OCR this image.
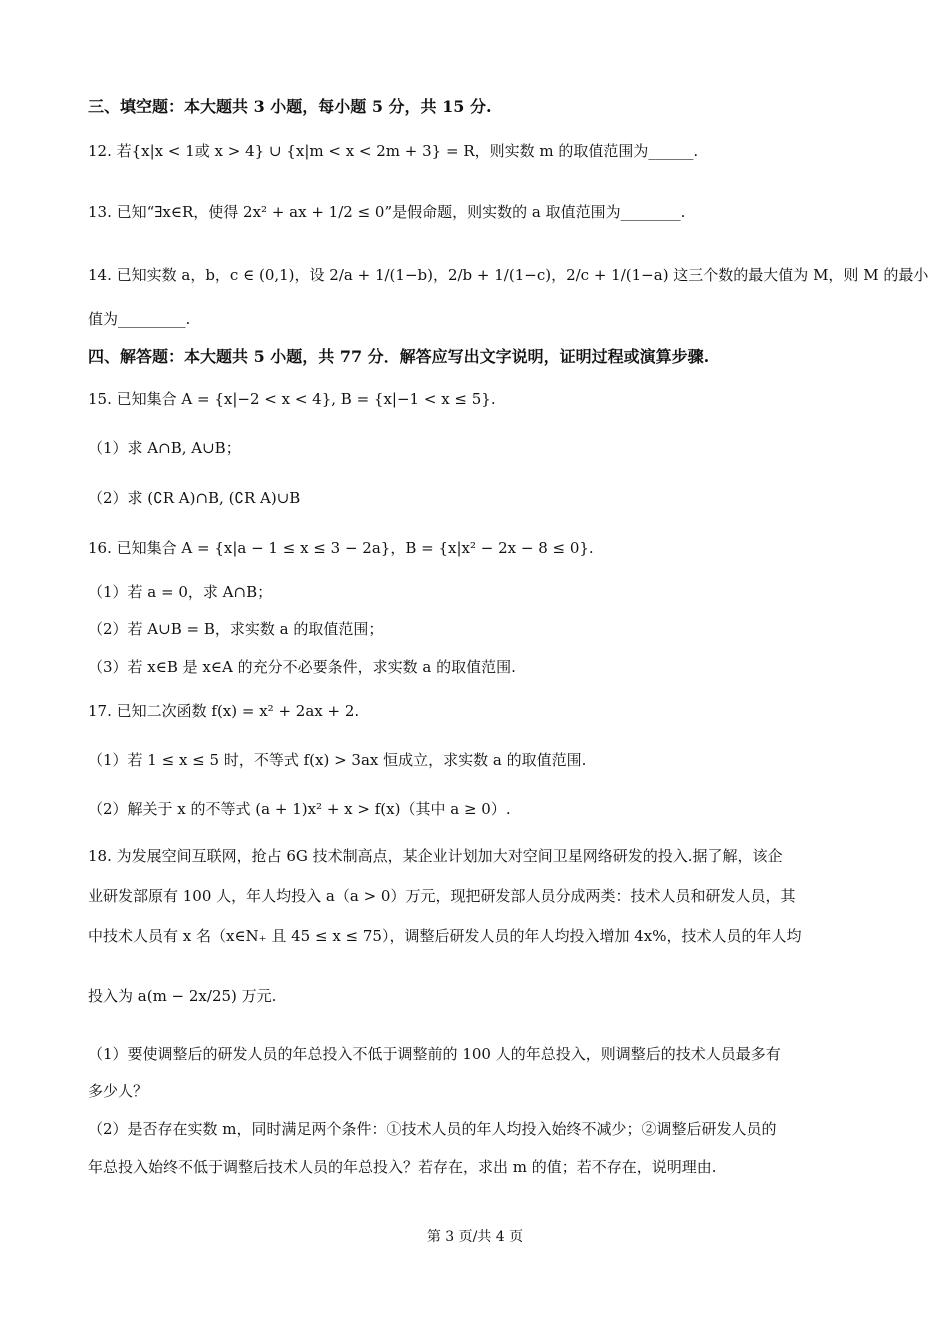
三、填空题：本大题共 3 小题，每小题 5 分，共 15 分.
12. 若{x|x < 1或 x > 4} ∪ {x|m < x < 2m + 3} = R，则实数 m 的取值范围为______.
13. 已知“∃x∈R，使得 2x² + ax + 1/2 ≤ 0”是假命题，则实数的 a 取值范围为________.
14. 已知实数 a，b，c ∈ (0,1)，设 2/a + 1/(1−b)，2/b + 1/(1−c)，2/c + 1/(1−a) 这三个数的最大值为 M，则 M 的最小
值为_________.
四、解答题：本大题共 5 小题，共 77 分．解答应写出文字说明，证明过程或演算步骤.
15. 已知集合 A = {x|−2 < x < 4}, B = {x|−1 < x ≤ 5}.
（1）求 A∩B, A∪B；
（2）求 (∁R A)∩B, (∁R A)∪B
16. 已知集合 A = {x|a − 1 ≤ x ≤ 3 − 2a}，B = {x|x² − 2x − 8 ≤ 0}.
（1）若 a = 0，求 A∩B；
（2）若 A∪B = B，求实数 a 的取值范围；
（3）若 x∈B 是 x∈A 的充分不必要条件，求实数 a 的取值范围.
17. 已知二次函数 f(x) = x² + 2ax + 2.
（1）若 1 ≤ x ≤ 5 时，不等式 f(x) > 3ax 恒成立，求实数 a 的取值范围.
（2）解关于 x 的不等式 (a + 1)x² + x > f(x)（其中 a ≥ 0）.
18. 为发展空间互联网，抢占 6G 技术制高点，某企业计划加大对空间卫星网络研发的投入.据了解，该企
业研发部原有 100 人，年人均投入 a（a > 0）万元，现把研发部人员分成两类：技术人员和研发人员，其
中技术人员有 x 名（x∈N₊ 且 45 ≤ x ≤ 75），调整后研发人员的年人均投入增加 4x%，技术人员的年人均
投入为 a(m − 2x/25) 万元.
（1）要使调整后的研发人员的年总投入不低于调整前的 100 人的年总投入，则调整后的技术人员最多有
多少人？
（2）是否存在实数 m，同时满足两个条件：①技术人员的年人均投入始终不减少；②调整后研发人员的
年总投入始终不低于调整后技术人员的年总投入？若存在，求出 m 的值；若不存在，说明理由.
第 3 页/共 4 页
